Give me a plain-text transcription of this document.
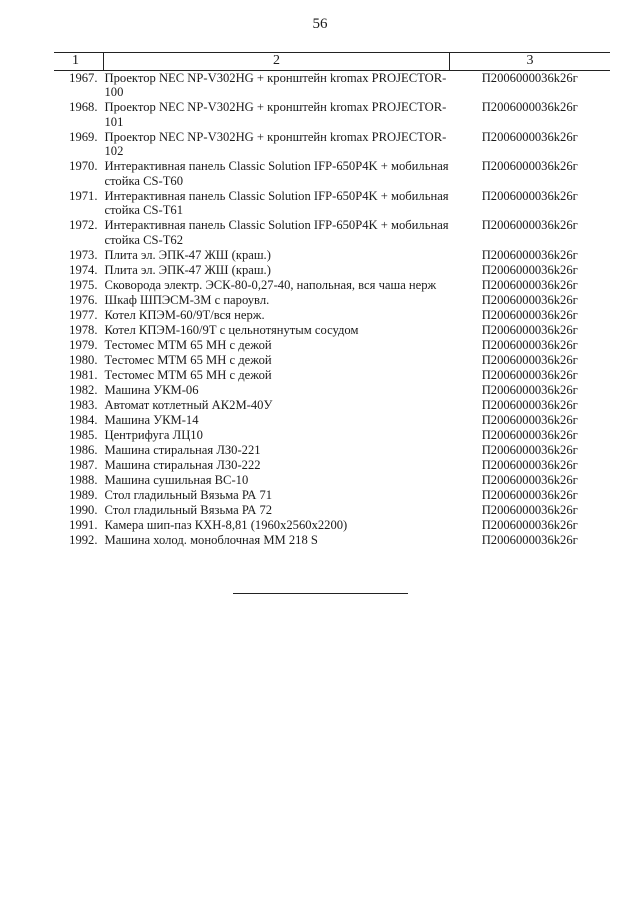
56
1	2	3
1967.	Проектор NEC NP-V302HG + кронштейн kromax PROJECTOR-100	П2006000036k26г
1968.	Проектор NEC NP-V302HG + кронштейн kromax PROJECTOR-101	П2006000036k26г
1969.	Проектор NEC NP-V302HG + кронштейн kromax PROJECTOR-102	П2006000036k26г
1970.	Интерактивная панель Classic Solution IFP-650P4K + мобильная стойка CS-T60	П2006000036k26г
1971.	Интерактивная панель Classic Solution IFP-650P4K + мобильная стойка CS-T61	П2006000036k26г
1972.	Интерактивная панель Classic Solution IFP-650P4K + мобильная стойка CS-T62	П2006000036k26г
1973.	Плита эл. ЭПК-47 ЖШ (краш.)	П2006000036k26г
1974.	Плита эл. ЭПК-47 ЖШ (краш.)	П2006000036k26г
1975.	Сковорода электр. ЭСК-80-0,27-40, напольная, вся чаша нерж	П2006000036k26г
1976.	Шкаф ШПЭСМ-3М с пароувл.	П2006000036k26г
1977.	Котел КПЭМ-60/9Т/вся нерж.	П2006000036k26г
1978.	Котел КПЭМ-160/9Т с цельнотянутым сосудом	П2006000036k26г
1979.	Тестомес МТМ 65 МН с дежой	П2006000036k26г
1980.	Тестомес МТМ 65 МН с дежой	П2006000036k26г
1981.	Тестомес МТМ 65 МН с дежой	П2006000036k26г
1982.	Машина УКМ-06	П2006000036k26г
1983.	Автомат котлетный АК2М-40У	П2006000036k26г
1984.	Машина УКМ-14	П2006000036k26г
1985.	Центрифуга ЛЦ10	П2006000036k26г
1986.	Машина стиральная ЛЗ0-221	П2006000036k26г
1987.	Машина стиральная ЛЗ0-222	П2006000036k26г
1988.	Машина сушильная ВС-10	П2006000036k26г
1989.	Стол гладильный Вязьма РА 71	П2006000036k26г
1990.	Стол гладильный Вязьма РА 72	П2006000036k26г
1991.	Камера шип-паз КХН-8,81 (1960х2560х2200)	П2006000036k26г
1992.	Машина холод. моноблочная ММ 218 S	П2006000036k26г
